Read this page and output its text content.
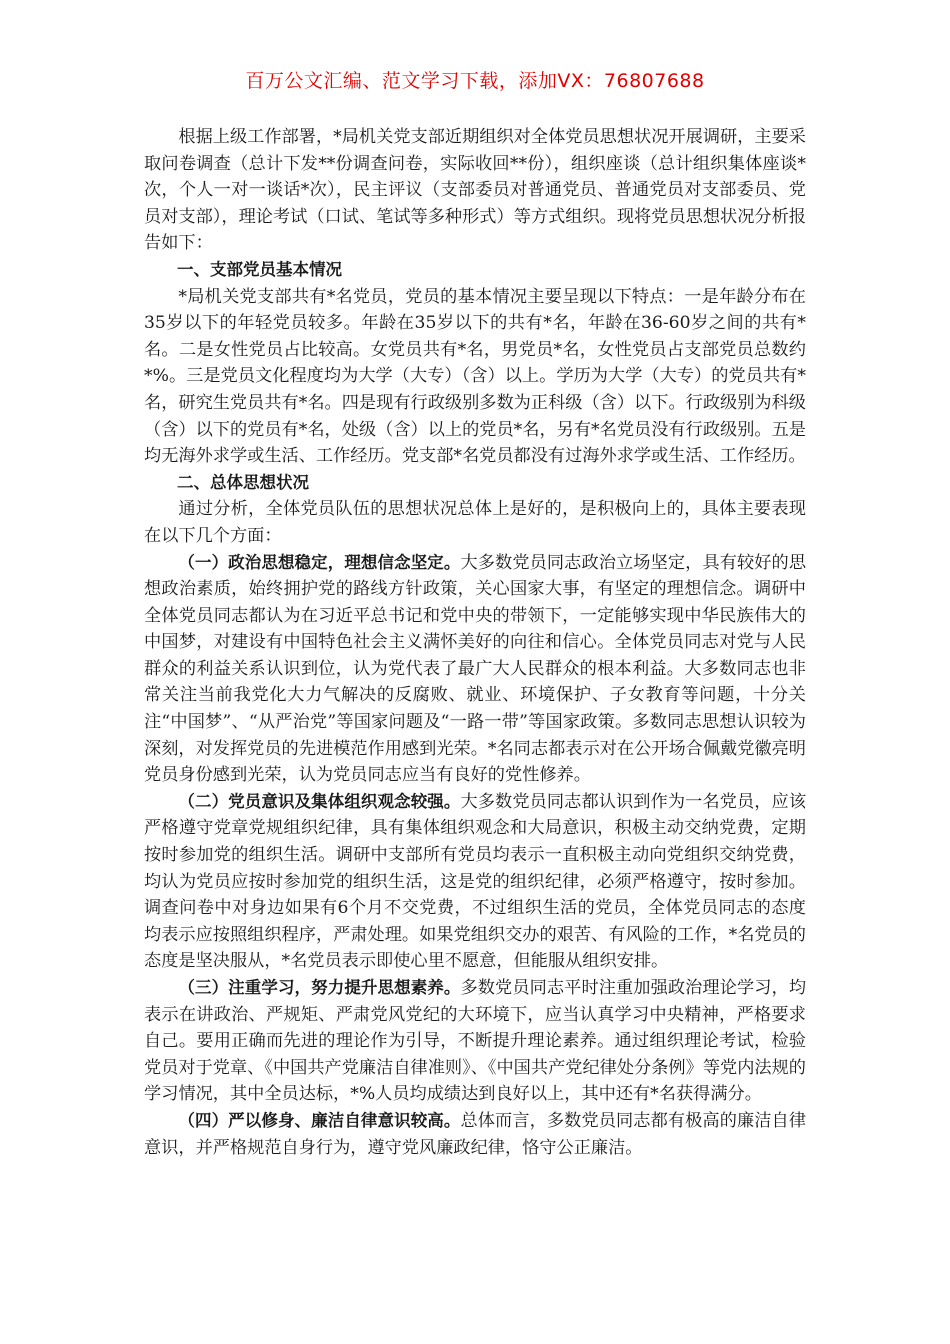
百万公文汇编、范文学习下载，添加VX：76807688

根据上级工作部署，*局机关党支部近期组织对全体党员思想状况开展调研，主要采取问卷调查（总计下发**份调查问卷，实际收回**份），组织座谈（总计组织集体座谈*次，个人一对一谈话*次），民主评议（支部委员对普通党员、普通党员对支部委员、党员对支部），理论考试（口试、笔试等多种形式）等方式组织。现将党员思想状况分析报告如下：

一、支部党员基本情况

*局机关党支部共有*名党员，党员的基本情况主要呈现以下特点：一是年龄分布在35岁以下的年轻党员较多。年龄在35岁以下的共有*名，年龄在36-60岁之间的共有*名。二是女性党员占比较高。女党员共有*名，男党员*名，女性党员占支部党员总数约*%。三是党员文化程度均为大学（大专）（含）以上。学历为大学（大专）的党员共有*名，研究生党员共有*名。四是现有行政级别多数为正科级（含）以下。行政级别为科级（含）以下的党员有*名，处级（含）以上的党员*名，另有*名党员没有行政级别。五是均无海外求学或生活、工作经历。党支部*名党员都没有过海外求学或生活、工作经历。

二、总体思想状况

通过分析，全体党员队伍的思想状况总体上是好的，是积极向上的，具体主要表现在以下几个方面：

（一）政治思想稳定，理想信念坚定。大多数党员同志政治立场坚定，具有较好的思想政治素质，始终拥护党的路线方针政策，关心国家大事，有坚定的理想信念。调研中全体党员同志都认为在习近平总书记和党中央的带领下，一定能够实现中华民族伟大的中国梦，对建设有中国特色社会主义满怀美好的向往和信心。全体党员同志对党与人民群众的利益关系认识到位，认为党代表了最广大人民群众的根本利益。大多数同志也非常关注当前我党化大力气解决的反腐败、就业、环境保护、子女教育等问题，十分关注“中国梦”、“从严治党”等国家问题及“一路一带”等国家政策。多数同志思想认识较为深刻，对发挥党员的先进模范作用感到光荣。*名同志都表示对在公开场合佩戴党徽亮明党员身份感到光荣，认为党员同志应当有良好的党性修养。

（二）党员意识及集体组织观念较强。大多数党员同志都认识到作为一名党员，应该严格遵守党章党规组织纪律，具有集体组织观念和大局意识，积极主动交纳党费，定期按时参加党的组织生活。调研中支部所有党员均表示一直积极主动向党组织交纳党费，均认为党员应按时参加党的组织生活，这是党的组织纪律，必须严格遵守，按时参加。调查问卷中对身边如果有6个月不交党费，不过组织生活的党员，全体党员同志的态度均表示应按照组织程序，严肃处理。如果党组织交办的艰苦、有风险的工作，*名党员的态度是坚决服从，*名党员表示即使心里不愿意，但能服从组织安排。

（三）注重学习，努力提升思想素养。多数党员同志平时注重加强政治理论学习，均表示在讲政治、严规矩、严肃党风党纪的大环境下，应当认真学习中央精神，严格要求自己。要用正确而先进的理论作为引导，不断提升理论素养。通过组织理论考试，检验党员对于党章、《中国共产党廉洁自律准则》、《中国共产党纪律处分条例》等党内法规的学习情况，其中全员达标，*%人员均成绩达到良好以上，其中还有*名获得满分。

（四）严以修身、廉洁自律意识较高。总体而言，多数党员同志都有极高的廉洁自律意识，并严格规范自身行为，遵守党风廉政纪律，恪守公正廉洁。
